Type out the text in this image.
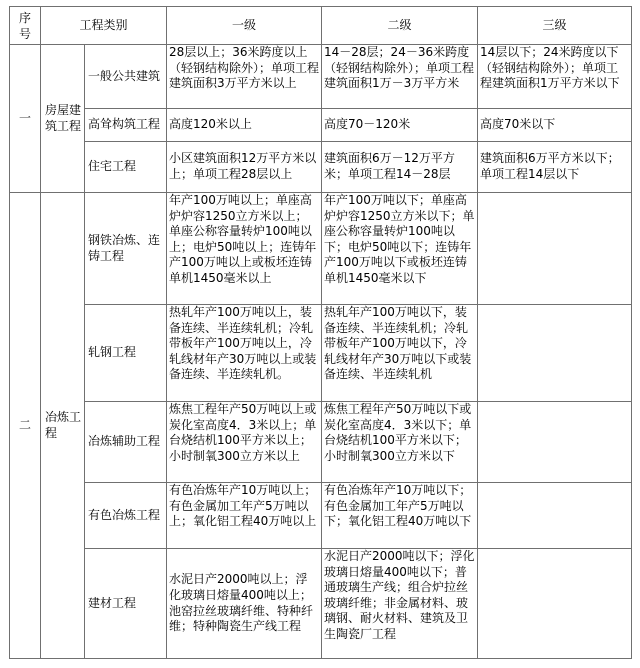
序号	工程类别		一级	二级	三级
一	房屋建筑工程	一般公共建筑	28层以上；36米跨度以上（轻钢结构除外）；单项工程建筑面积3万平方米以上	14－28层；24－36米跨度（轻钢结构除外）；单项工程建筑面积1万－3万平方米	14层以下；24米跨度以下（轻钢结构除外）；单项工程建筑面积1万平方米以下
		高耸构筑工程	高度120米以上	高度70－120米	高度70米以下
		住宅工程	小区建筑面积12万平方米以上；单项工程28层以上	建筑面积6万－12万平方米；单项工程14－28层	建筑面积6万平方米以下；单项工程14层以下
二	冶炼工程	钢铁冶炼、连铸工程	年产100万吨以上；单座高炉炉容1250立方米以上；单座公称容量转炉100吨以上；电炉50吨以上；连铸年产100万吨以上或板坯连铸单机1450毫米以上	年产100万吨以下；单座高炉炉容1250立方米以下；单座公称容量转炉100吨以下；电炉50吨以下；连铸年产100万吨以下或板坯连铸单机1450毫米以下	
		轧钢工程	热轧年产100万吨以上，装备连续、半连续轧机；冷轧带板年产100万吨以上，冷轧线材年产30万吨以上或装备连续、半连续轧机。	热轧年产100万吨以下，装备连续、半连续轧机；冷轧带板年产100万吨以下，冷轧线材年产30万吨以下或装备连续、半连续轧机	
		冶炼辅助工程	炼焦工程年产50万吨以上或炭化室高度4．3米以上；单台烧结机100平方米以上；小时制氧300立方米以上	炼焦工程年产50万吨以下或炭化室高度4．3米以下；单台烧结机100平方米以下；小时制氧300立方米以下	
		有色冶炼工程	有色冶炼年产10万吨以上；有色金属加工年产5万吨以上；氧化铝工程40万吨以上	有色冶炼年产10万吨以下；有色金属加工年产5万吨以下；氧化铝工程40万吨以下	
		建材工程	水泥日产2000吨以上；浮化玻璃日熔量400吨以上；池窑拉丝玻璃纤维、特种纤维；特种陶瓷生产线工程	水泥日产2000吨以下；浮化玻璃日熔量400吨以下；普通玻璃生产线；组合炉拉丝玻璃纤维；非金属材料、玻璃钢、耐火材料、建筑及卫生陶瓷厂工程	
